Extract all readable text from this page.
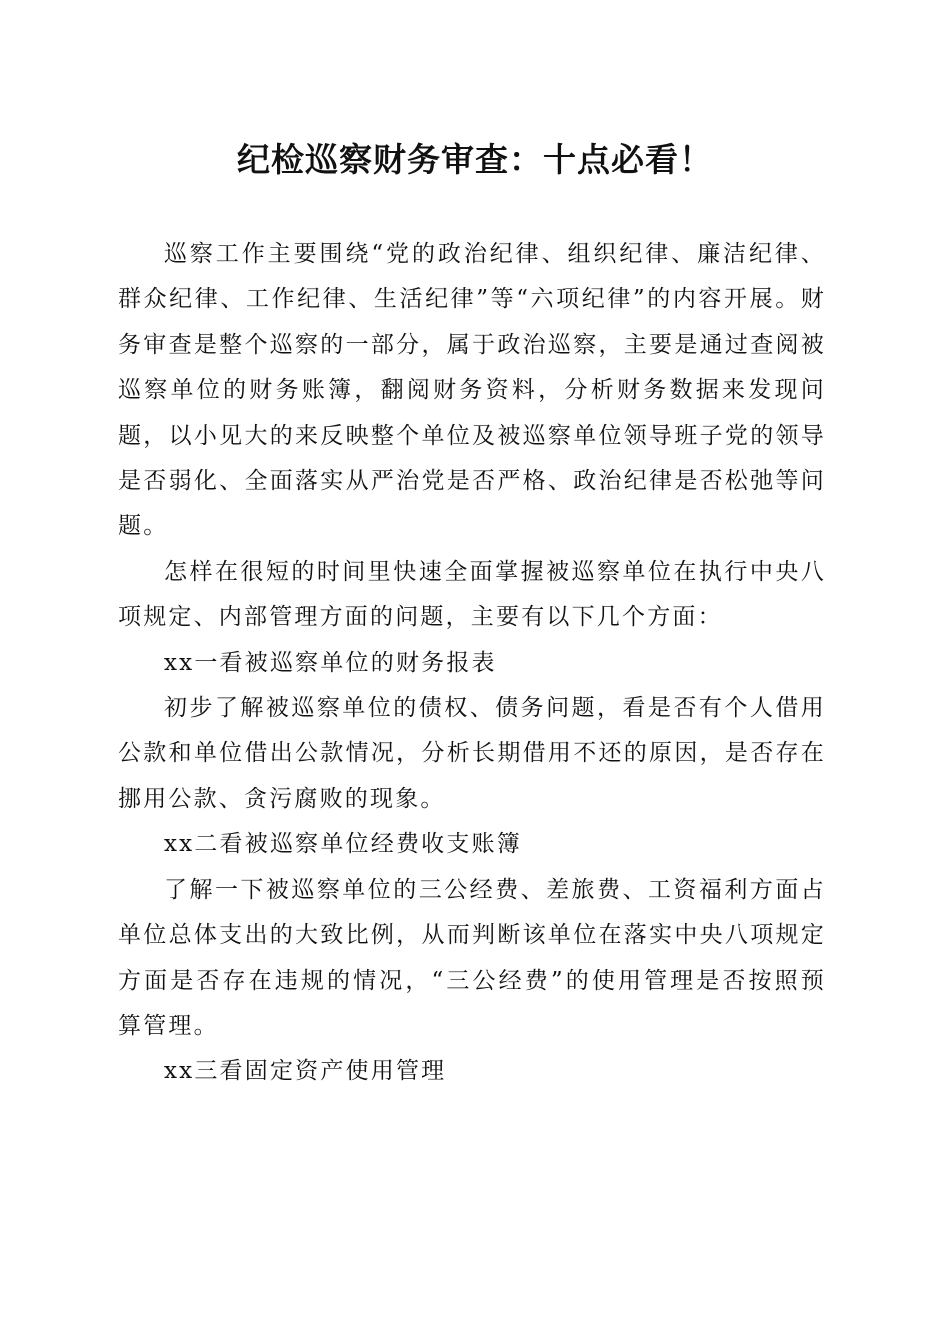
纪检巡察财务审查：十点必看！

巡察工作主要围绕“党的政治纪律、组织纪律、廉洁纪律、群众纪律、工作纪律、生活纪律”等“六项纪律”的内容开展。财务审查是整个巡察的一部分，属于政治巡察，主要是通过查阅被巡察单位的财务账簿，翻阅财务资料，分析财务数据来发现问题，以小见大的来反映整个单位及被巡察单位领导班子党的领导是否弱化、全面落实从严治党是否严格、政治纪律是否松弛等问题。

怎样在很短的时间里快速全面掌握被巡察单位在执行中央八项规定、内部管理方面的问题，主要有以下几个方面：

xx一看被巡察单位的财务报表

初步了解被巡察单位的债权、债务问题，看是否有个人借用公款和单位借出公款情况，分析长期借用不还的原因，是否存在挪用公款、贪污腐败的现象。

xx二看被巡察单位经费收支账簿

了解一下被巡察单位的三公经费、差旅费、工资福利方面占单位总体支出的大致比例，从而判断该单位在落实中央八项规定方面是否存在违规的情况，“三公经费”的使用管理是否按照预算管理。

xx三看固定资产使用管理
